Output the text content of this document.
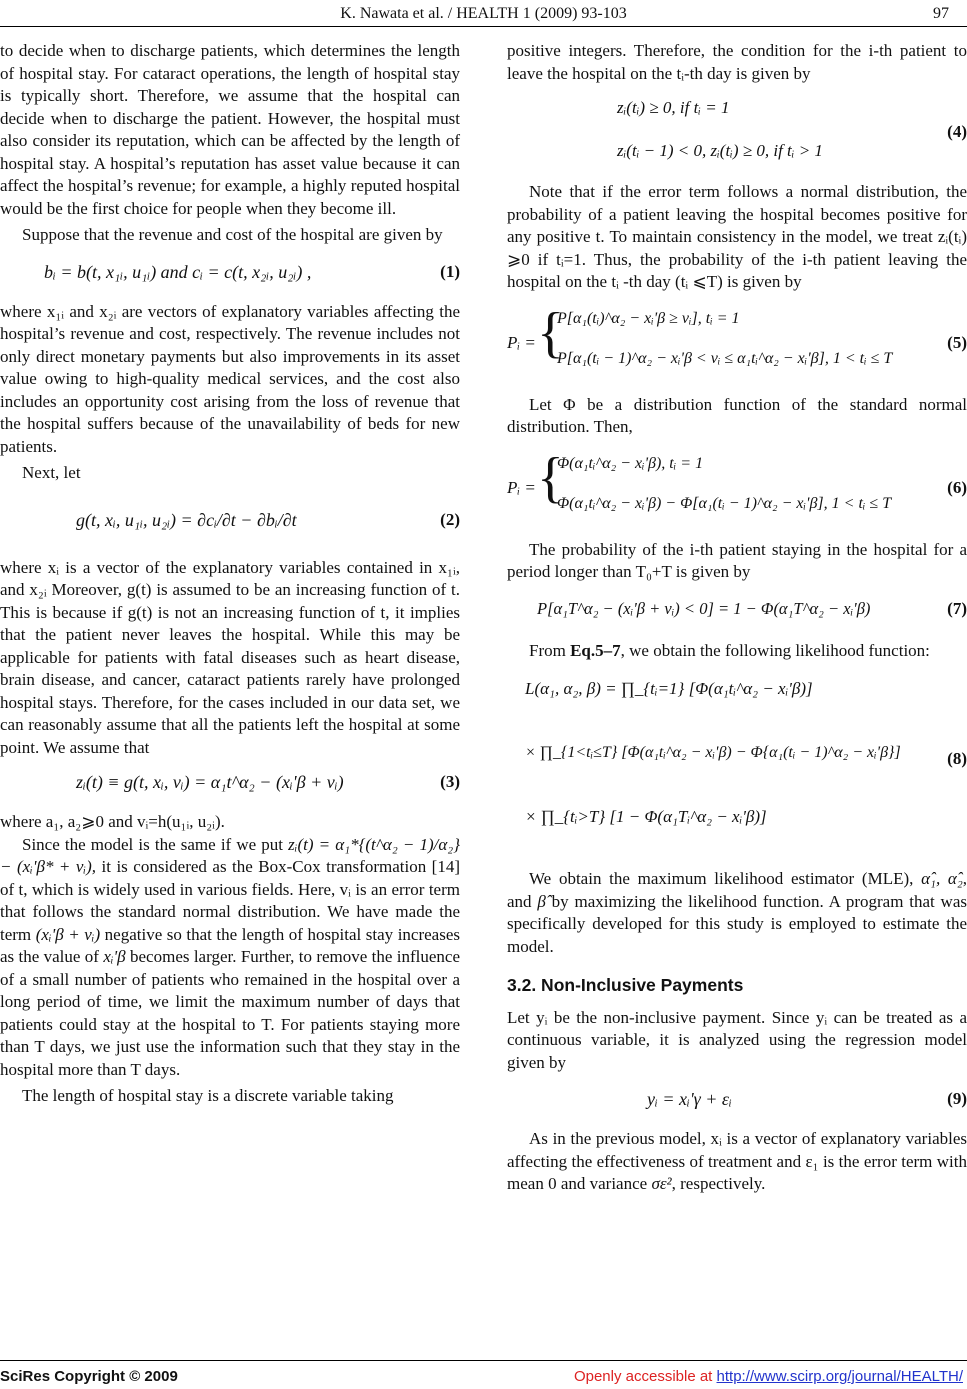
K. Nawata et al. / HEALTH 1 (2009) 93-103	97

to decide when to discharge patients, which determines the length of hospital stay. For cataract operations, the length of hospital stay is typically short. Therefore, we assume that the hospital can decide when to discharge the patient. However, the hospital must also consider its reputation, which can be affected by the length of hospital stay. A hospital’s reputation has asset value because it can affect the hospital’s revenue; for example, a highly reputed hospital would be the first choice for people when they become ill.

Suppose that the revenue and cost of the hospital are given by

bᵢ = b(t, x₁ᵢ, u₁ᵢ) and cᵢ = c(t, x₂ᵢ, u₂ᵢ) ,	(1)

where x₁ᵢ and x₂ᵢ are vectors of explanatory variables affecting the hospital’s revenue and cost, respectively. The revenue includes not only direct monetary payments but also improvements in its asset value owing to high-quality medical services, and the cost also includes an opportunity cost arising from the loss of revenue that the hospital suffers because of the unavailability of beds for new patients.

Next, let

g(t, xᵢ, u₁ᵢ, u₂ᵢ) = ∂cᵢ/∂t − ∂bᵢ/∂t	(2)

where xᵢ is a vector of the explanatory variables contained in x₁ᵢ, and x₂ᵢ Moreover, g(t) is assumed to be an increasing function of t. This is because if g(t) is not an increasing function of t, it implies that the patient never leaves the hospital. While this may be applicable for patients with fatal diseases such as heart disease, brain disease, and cancer, cataract patients rarely have prolonged hospital stays. Therefore, for the cases included in our data set, we can reasonably assume that all the patients left the hospital at some point. We assume that

zᵢ(t) ≡ g(t, xᵢ, vᵢ) = α₁t^α₂ − (xᵢ'β + vᵢ)	(3)

where a₁, a₂⩾0 and vᵢ=h(u₁ᵢ, u₂ᵢ).

Since the model is the same if we put zᵢ(t) = α₁*{(t^α₂ − 1)/α₂} − (xᵢ'β* + vᵢ), it is considered as the Box-Cox transformation [14] of t, which is widely used in various fields. Here, vᵢ is an error term that follows the standard normal distribution. We have made the term (xᵢ'β + vᵢ) negative so that the length of hospital stay increases as the value of xᵢ'β becomes larger. Further, to remove the influence of a small number of patients who remained in the hospital over a long period of time, we limit the maximum number of days that patients could stay at the hospital to T. For patients staying more than T days, we just use the information such that they stay in the hospital more than T days.

The length of hospital stay is a discrete variable taking

positive integers. Therefore, the condition for the i-th patient to leave the hospital on the tᵢ-th day is given by

zᵢ(tᵢ) ≥ 0, if tᵢ = 1
zᵢ(tᵢ − 1) < 0, zᵢ(tᵢ) ≥ 0, if tᵢ > 1
(4)

Note that if the error term follows a normal distribution, the probability of a patient leaving the hospital becomes positive for any positive t. To maintain consistency in the model, we treat zᵢ(tᵢ) ⩾0 if tᵢ=1. Thus, the probability of the i-th patient leaving the hospital on the tᵢ -th day (tᵢ ⩽T) is given by

Pᵢ = {
P[α₁(tᵢ)^α₂ − xᵢ'β ≥ vᵢ], tᵢ = 1
P[α₁(tᵢ − 1)^α₂ − xᵢ'β < vᵢ ≤ α₁tᵢ^α₂ − xᵢ'β], 1 < tᵢ ≤ T
(5)

Let Φ be a distribution function of the standard normal distribution. Then,

Pᵢ = {
Φ(α₁tᵢ^α₂ − xᵢ'β), tᵢ = 1
Φ(α₁tᵢ^α₂ − xᵢ'β) − Φ[α₁(tᵢ − 1)^α₂ − xᵢ'β], 1 < tᵢ ≤ T
(6)

The probability of the i-th patient staying in the hospital for a period longer than T₀+T is given by

P[α₁T^α₂ − (xᵢ'β + vᵢ) < 0] = 1 − Φ(α₁T^α₂ − xᵢ'β)	(7)

From Eq.5–7, we obtain the following likelihood function:

L(α₁, α₂, β) = ∏_{tᵢ=1} [Φ(α₁tᵢ^α₂ − xᵢ'β)]
× ∏_{1<tᵢ≤T} [Φ(α₁tᵢ^α₂ − xᵢ'β) − Φ{α₁(tᵢ − 1)^α₂ − xᵢ'β}]
× ∏_{tᵢ>T} [1 − Φ(α₁Tᵢ^α₂ − xᵢ'β)]
(8)

We obtain the maximum likelihood estimator (MLE), α̂₁, α̂₂, and β̂ by maximizing the likelihood function. A program that was specifically developed for this study is employed to estimate the model.

3.2. Non-Inclusive Payments

Let yᵢ be the non-inclusive payment. Since yᵢ can be treated as a continuous variable, it is analyzed using the regression model given by

yᵢ = xᵢ'γ + εᵢ	(9)

As in the previous model, xᵢ is a vector of explanatory variables affecting the effectiveness of treatment and ε₁ is the error term with mean 0 and variance σε², respectively.

SciRes Copyright © 2009	Openly accessible at http://www.scirp.org/journal/HEALTH/
